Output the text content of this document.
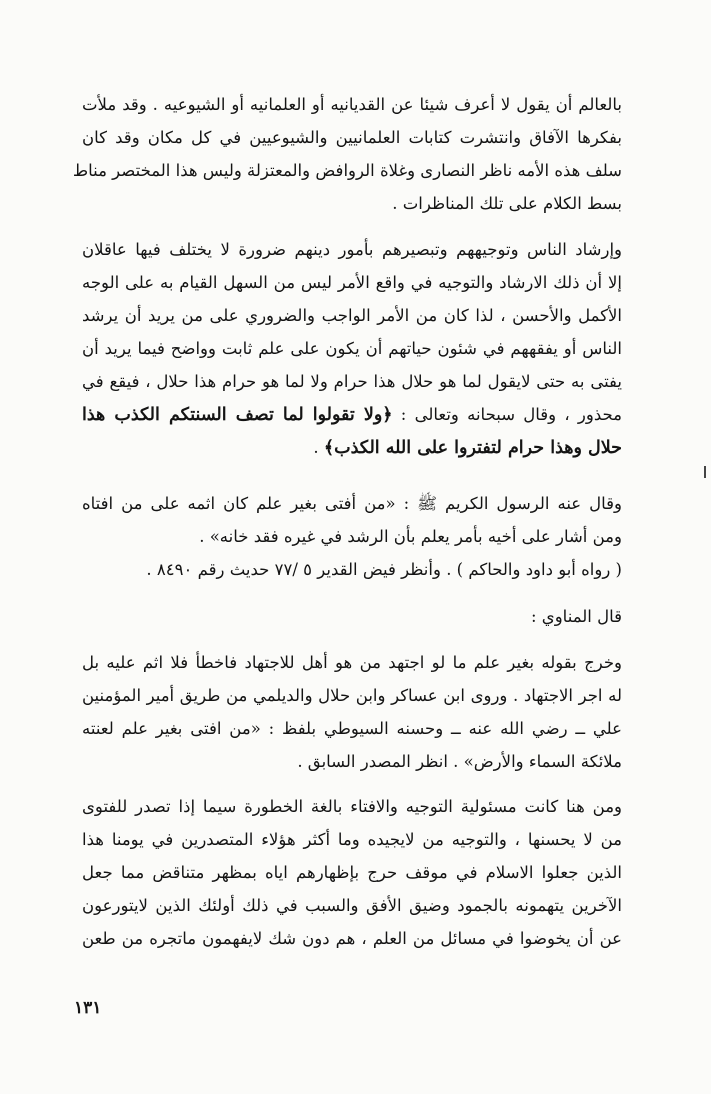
بالعالم أن يقول لا أعرف شيئا عن القديانيه أو العلمانيه أو الشيوعيه . وقد ملأت
بفكرها الآفاق وانتشرت كتابات العلمانيين والشيوعيين في كل مكان وقد كان
سلف هذه الأمه ناظر النصارى وغلاة الروافض والمعتزلة وليس هذا المختصر مناط
بسط الكلام على تلك المناظرات .
وإرشاد الناس وتوجيههم وتبصيرهم بأمور دينهم ضرورة لا يختلف فيها عاقلان
إلا أن ذلك الارشاد والتوجيه في واقع الأمر ليس من السهل القيام به على الوجه
الأكمل والأحسن ، لذا كان من الأمر الواجب والضروري على من يريد أن يرشد
الناس أو يفقههم في شئون حياتهم أن يكون على علم ثابت وواضح فيما يريد أن
يفتى به حتى لايقول لما هو حلال هذا حرام ولا لما هو حرام هذا حلال ، فيقع في
محذور ، وقال سبحانه وتعالى : ﴿ولا تقولوا لما تصف السنتكم الكذب هذا
حلال وهذا حرام لتفتروا على الله الكذب﴾ .
وقال عنه الرسول الكريم ﷺ : «من أفتى بغير علم كان اثمه على من افتاه
ومن أشار على أخيه بأمر يعلم بأن الرشد في غيره فقد خانه» .
( رواه أبو داود والحاكم ) . وأنظر فيض القدير ٥ /٧٧ حديث رقم ٨٤٩٠ .
قال المناوي :
وخرج بقوله بغير علم ما لو اجتهد من هو أهل للاجتهاد فاخطأ فلا اثم عليه بل
له اجر الاجتهاد . وروى ابن عساكر وابن حلال والديلمي من طريق أمير المؤمنين
علي ــ رضي الله عنه ــ وحسنه السيوطي بلفظ : «من افتى بغير علم لعنته
ملائكة السماء والأرض» . انظر المصدر السابق .
ومن هنا كانت مسئولية التوجيه والافتاء بالغة الخطورة سيما إذا تصدر للفتوى
من لا يحسنها ، والتوجيه من لايجيده وما أكثر هؤلاء المتصدرين في يومنا هذا
الذين جعلوا الاسلام في موقف حرج بإظهارهم اياه بمظهر متناقض مما جعل
الآخرين يتهمونه بالجمود وضيق الأفق والسبب في ذلك أولئك الذين لايتورعون
عن أن يخوضوا في مسائل من العلم ، هم دون شك لايفهمون ماتجره من طعن
١٣١
